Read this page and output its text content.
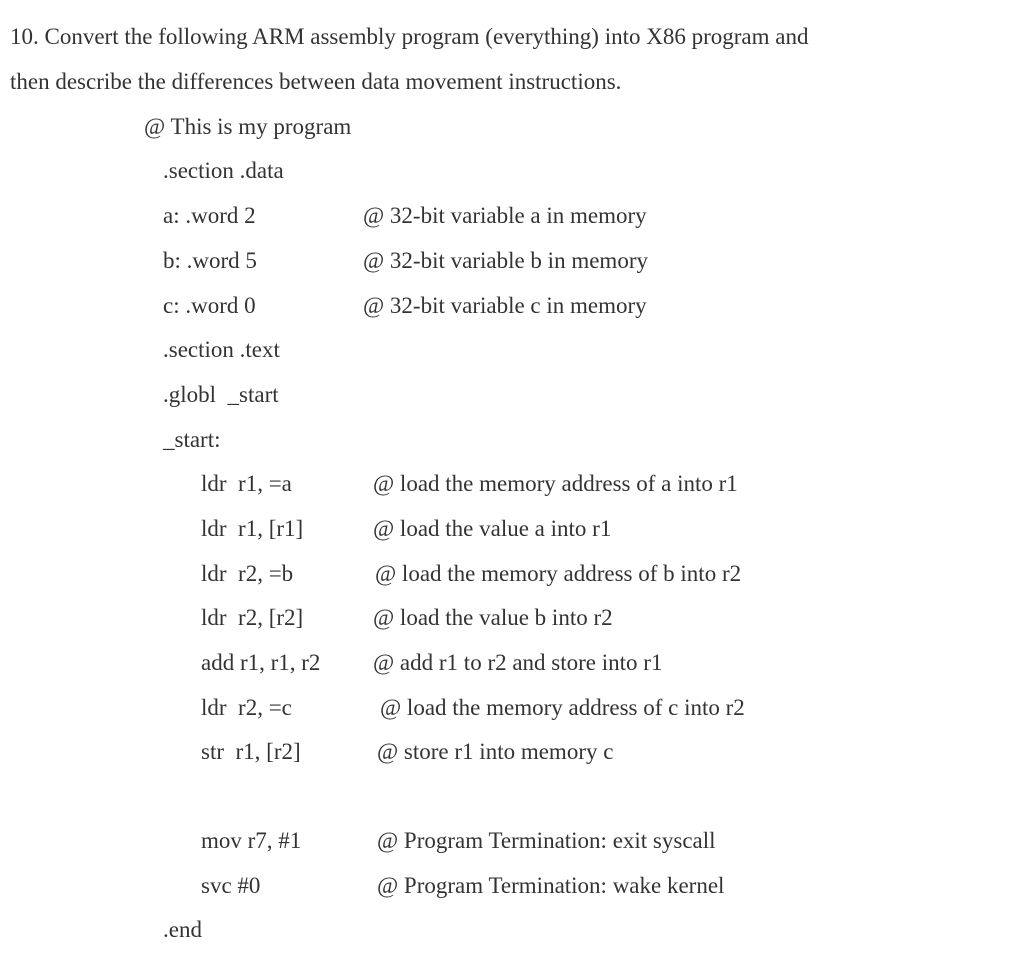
10. Convert the following ARM assembly program (everything) into X86 program and
then describe the differences between data movement instructions.
@ This is my program
.section .data
a: .word 2	@ 32-bit variable a in memory
b: .word 5	@ 32-bit variable b in memory
c: .word 0	@ 32-bit variable c in memory
.section .text
.globl  _start
_start:
ldr  r1, =a	@ load the memory address of a into r1
ldr  r1, [r1]	@ load the value a into r1
ldr  r2, =b	@ load the memory address of b into r2
ldr  r2, [r2]	@ load the value b into r2
add r1, r1, r2 @ add r1 to r2 and store into r1
ldr  r2, =c	@ load the memory address of c into r2
str  r1, [r2]	@ store r1 into memory c
mov r7, #1	@ Program Termination: exit syscall
svc #0	@ Program Termination: wake kernel
.end
